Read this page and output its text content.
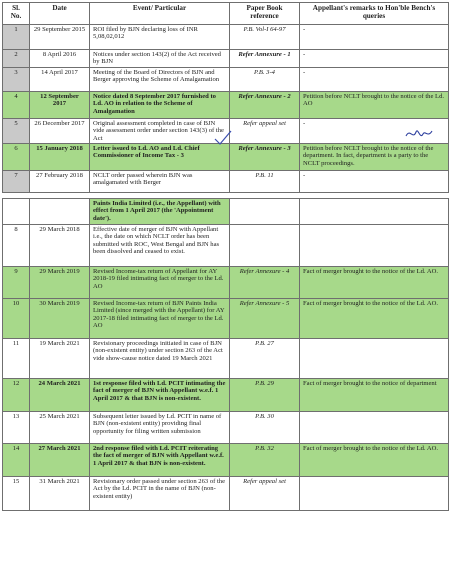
Sl. No.	Date	Event/ Particular	Paper Book reference	Appellant's remarks to Hon'ble Bench's queries
1	29 September 2015	ROI filed by BJN declaring loss of INR 5,08,02,012	P.B. Vol-I 64-97	-
2	8 April 2016	Notices under section 143(2) of the Act received by BJN	Refer Annexure - 1	-
3	14 April 2017	Meeting of the Board of Directors of BJN and Berger approving the Scheme of Amalgamation	P.B. 3-4	-
4	12 September 2017	Notice dated 8 September 2017 furnished to Ld. AO in relation to the Scheme of Amalgamation	Refer Annexure - 2	Petition before NCLT brought to the notice of the Ld. AO
5	26 December 2017	Original assessment completed in case of BJN vide assessment order under section 143(3) of the Act	Refer appeal set	-
6	15 January 2018	Letter issued to Ld. AO and Ld. Chief Commissioner of Income Tax - 3	Refer Annexure - 3	Petition before NCLT brought to the notice of the department. In fact, department is a party to the NCLT proceedings.
7	27 February 2018	NCLT order passed wherein BJN was amalgamated with Berger	P.B. 11	-
		Paints India Limited (i.e., the Appellant) with effect from 1 April 2017 (the 'Appointment date').		
8	29 March 2018	Effective date of merger of BJN with Appellant i.e., the date on which NCLT order has been submitted with ROC, West Bengal and BJN has been dissolved and ceased to exist.		
9	29 March 2019	Revised Income-tax return of Appellant for AY 2018-19 filed intimating fact of merger to the Ld. AO	Refer Annexure - 4	Fact of merger brought to the notice of the Ld. AO.
10	30 March 2019	Revised Income-tax return of BJN Paints India Limited (since merged with the Appellant) for AY 2017-18 filed intimating fact of merger to the Ld. AO	Refer Annexure - 5	Fact of merger brought to the notice of the Ld. AO.
11	19 March 2021	Revisionary proceedings initiated in case of BJN (non-existent entity) under section 263 of the Act vide show-cause notice dated 19 March 2021	P.B. 27	
12	24 March 2021	1st response filed with Ld. PCIT intimating the fact of merger of BJN with Appellant w.e.f. 1 April 2017 & that BJN is non-existent.	P.B. 29	Fact of merger brought to the notice of department
13	25 March 2021	Subsequent letter issued by Ld. PCIT in name of BJN (non-existent entity) providing final opportunity for filing written submission	P.B. 30	
14	27 March 2021	2nd response filed with Ld. PCIT reiterating the fact of merger of BJN with Appellant w.e.f. 1 April 2017 & that BJN is non-existent.	P.B. 32	Fact of merger brought to the notice of the Ld. AO.
15	31 March 2021	Revisionary order passed under section 263 of the Act by the Ld. PCIT in the name of BJN (non-existent entity)	Refer appeal set	
